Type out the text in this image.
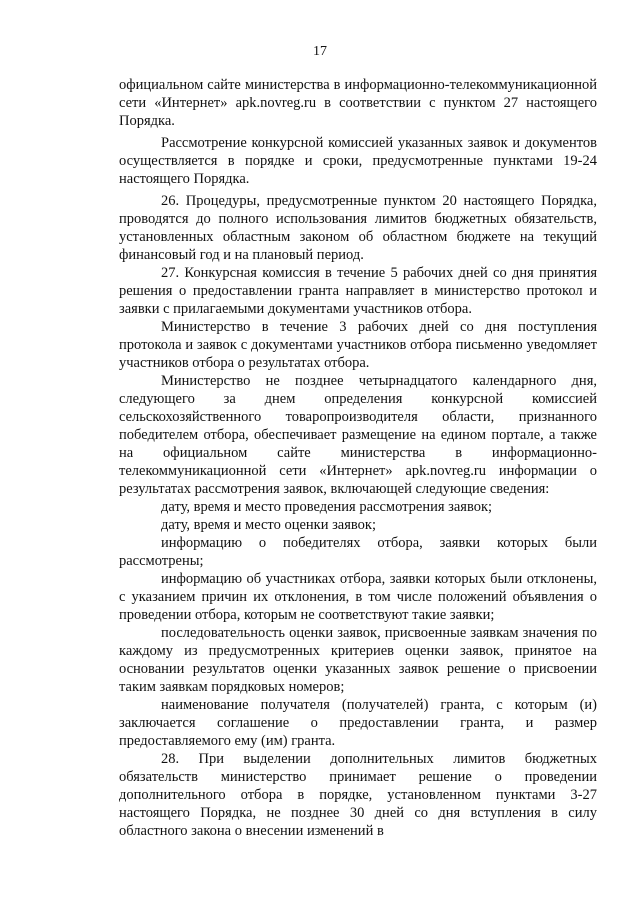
17

официальном сайте министерства в информационно-телекоммуникационной сети «Интернет» apk.novreg.ru в соответствии с пунктом 27 настоящего Порядка.

Рассмотрение конкурсной комиссией указанных заявок и документов осуществляется в порядке и сроки, предусмотренные пунктами 19-24 настоящего Порядка.

26. Процедуры, предусмотренные пунктом 20 настоящего Порядка, проводятся до полного использования лимитов бюджетных обязательств, установленных областным законом об областном бюджете на текущий финансовый год и на плановый период.

27. Конкурсная комиссия в течение 5 рабочих дней со дня принятия решения о предоставлении гранта направляет в министерство протокол и заявки с прилагаемыми документами участников отбора.

Министерство в течение 3 рабочих дней со дня поступления протокола и заявок с документами участников отбора письменно уведомляет участников отбора о результатах отбора.

Министерство не позднее четырнадцатого календарного дня, следующего за днем определения конкурсной комиссией сельскохозяйственного товаропроизводителя области, признанного победителем отбора, обеспечивает размещение на едином портале, а также на официальном сайте министерства в информационно-телекоммуникационной сети «Интернет» apk.novreg.ru информации о результатах рассмотрения заявок, включающей следующие сведения:

дату, время и место проведения рассмотрения заявок;

дату, время и место оценки заявок;

информацию о победителях отбора, заявки которых были рассмотрены;

информацию об участниках отбора, заявки которых были отклонены, с указанием причин их отклонения, в том числе положений объявления о проведении отбора, которым не соответствуют такие заявки;

последовательность оценки заявок, присвоенные заявкам значения по каждому из предусмотренных критериев оценки заявок, принятое на основании результатов оценки указанных заявок решение о присвоении таким заявкам порядковых номеров;

наименование получателя (получателей) гранта, с которым (и) заключается соглашение о предоставлении гранта, и размер предоставляемого ему (им) гранта.

28. При выделении дополнительных лимитов бюджетных обязательств министерство принимает решение о проведении дополнительного отбора в порядке, установленном пунктами 3-27 настоящего Порядка, не позднее 30 дней со дня вступления в силу областного закона о внесении изменений в
